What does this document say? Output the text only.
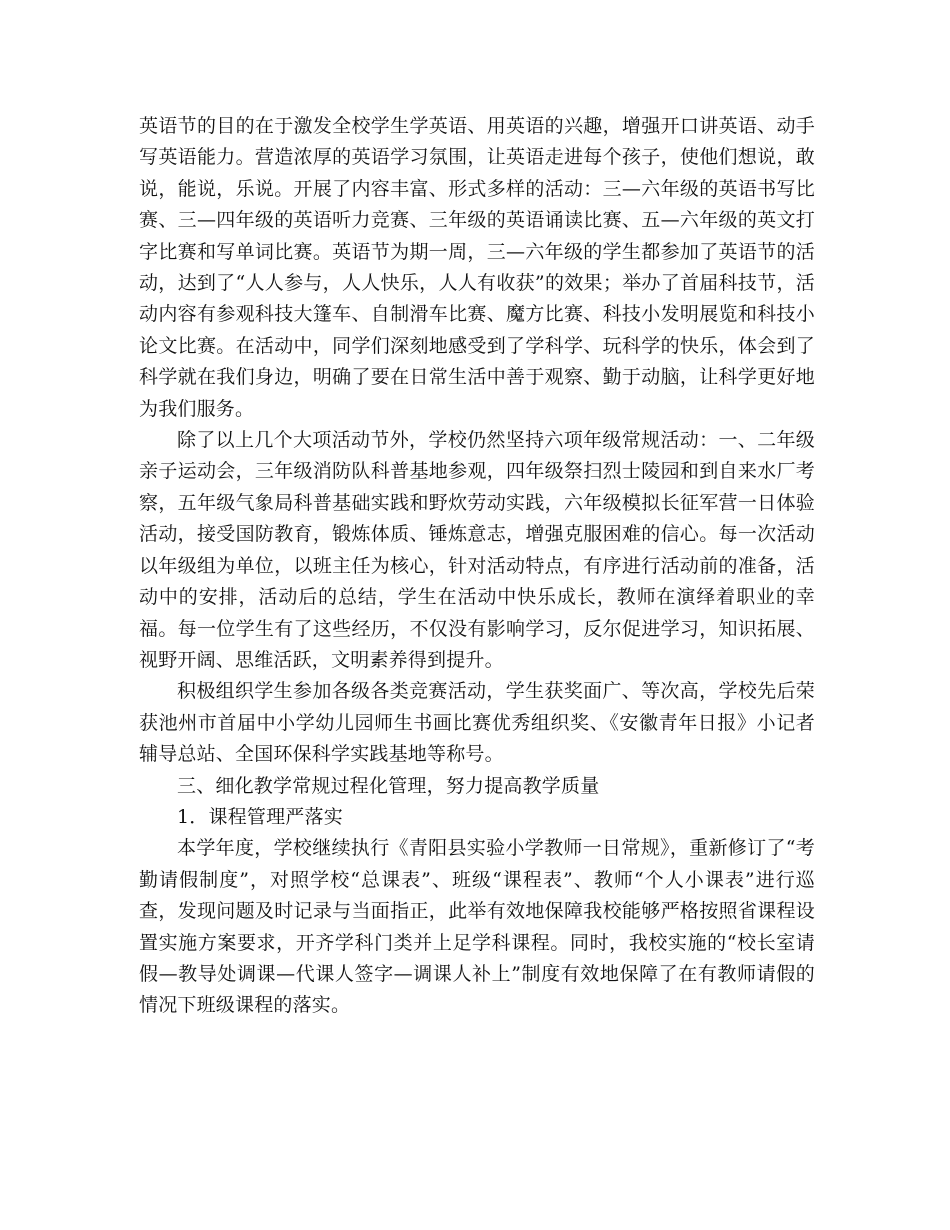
英语节的目的在于激发全校学生学英语、用英语的兴趣，增强开口讲英语、动手写英语能力。营造浓厚的英语学习氛围，让英语走进每个孩子，使他们想说，敢说，能说，乐说。开展了内容丰富、形式多样的活动：三—六年级的英语书写比赛、三—四年级的英语听力竞赛、三年级的英语诵读比赛、五—六年级的英文打字比赛和写单词比赛。英语节为期一周，三—六年级的学生都参加了英语节的活动，达到了“人人参与，人人快乐，人人有收获”的效果；举办了首届科技节，活动内容有参观科技大篷车、自制滑车比赛、魔方比赛、科技小发明展览和科技小论文比赛。在活动中，同学们深刻地感受到了学科学、玩科学的快乐，体会到了科学就在我们身边，明确了要在日常生活中善于观察、勤于动脑，让科学更好地为我们服务。

除了以上几个大项活动节外，学校仍然坚持六项年级常规活动：一、二年级亲子运动会，三年级消防队科普基地参观，四年级祭扫烈士陵园和到自来水厂考察，五年级气象局科普基础实践和野炊劳动实践，六年级模拟长征军营一日体验活动，接受国防教育，锻炼体质、锤炼意志，增强克服困难的信心。每一次活动以年级组为单位，以班主任为核心，针对活动特点，有序进行活动前的准备，活动中的安排，活动后的总结，学生在活动中快乐成长，教师在演绎着职业的幸福。每一位学生有了这些经历，不仅没有影响学习，反尔促进学习，知识拓展、视野开阔、思维活跃，文明素养得到提升。

积极组织学生参加各级各类竞赛活动，学生获奖面广、等次高，学校先后荣获池州市首届中小学幼儿园师生书画比赛优秀组织奖、《安徽青年日报》小记者辅导总站、全国环保科学实践基地等称号。

三、细化教学常规过程化管理，努力提高教学质量

1．课程管理严落实

本学年度，学校继续执行《青阳县实验小学教师一日常规》，重新修订了“考勤请假制度”，对照学校“总课表”、班级“课程表”、教师“个人小课表”进行巡查，发现问题及时记录与当面指正，此举有效地保障我校能够严格按照省课程设置实施方案要求，开齐学科门类并上足学科课程。同时，我校实施的“校长室请假—教导处调课—代课人签字—调课人补上”制度有效地保障了在有教师请假的情况下班级课程的落实。
